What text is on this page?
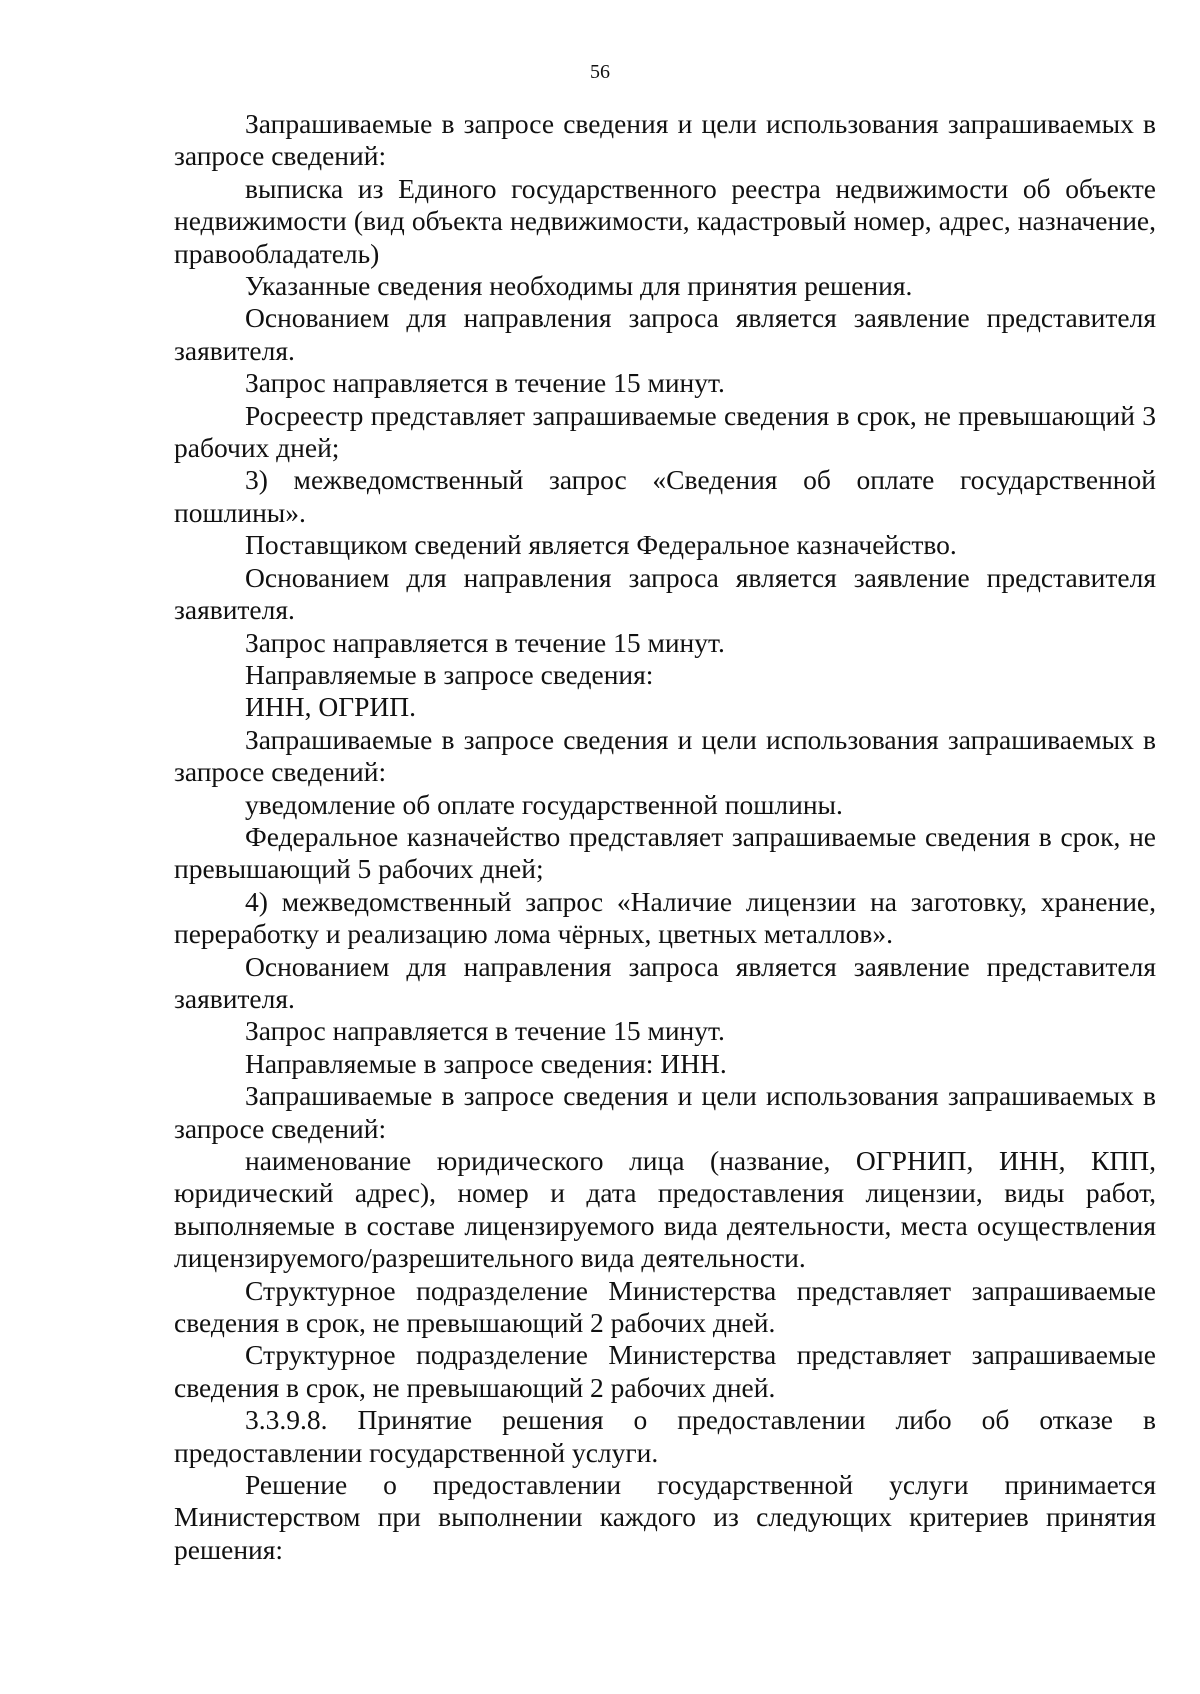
56

Запрашиваемые в запросе сведения и цели использования запрашиваемых в запросе сведений:

выписка из Единого государственного реестра недвижимости об объекте недвижимости (вид объекта недвижимости, кадастровый номер, адрес, назначение, правообладатель)

Указанные сведения необходимы для принятия решения.

Основанием для направления запроса является заявление представителя заявителя.

Запрос направляется в течение 15 минут.

Росреестр представляет запрашиваемые сведения в срок, не превышающий 3 рабочих дней;

3) межведомственный запрос «Сведения об оплате государственной пошлины».

Поставщиком сведений является Федеральное казначейство.

Основанием для направления запроса является заявление представителя заявителя.

Запрос направляется в течение 15 минут.

Направляемые в запросе сведения:

ИНН, ОГРИП.

Запрашиваемые в запросе сведения и цели использования запрашиваемых в запросе сведений:

уведомление об оплате государственной пошлины.

Федеральное казначейство представляет запрашиваемые сведения в срок, не превышающий 5 рабочих дней;

4) межведомственный запрос «Наличие лицензии на заготовку, хранение, переработку и реализацию лома чёрных, цветных металлов».

Основанием для направления запроса является заявление представителя заявителя.

Запрос направляется в течение 15 минут.

Направляемые в запросе сведения: ИНН.

Запрашиваемые в запросе сведения и цели использования запрашиваемых в запросе сведений:

наименование юридического лица (название, ОГРНИП, ИНН, КПП, юридический адрес), номер и дата предоставления лицензии, виды работ, выполняемые в составе лицензируемого вида деятельности, места осуществления лицензируемого/разрешительного вида деятельности.

Структурное подразделение Министерства представляет запрашиваемые сведения в срок, не превышающий 2 рабочих дней.

Структурное подразделение Министерства представляет запрашиваемые сведения в срок, не превышающий 2 рабочих дней.

3.3.9.8. Принятие решения о предоставлении либо об отказе в предоставлении государственной услуги.

Решение о предоставлении государственной услуги принимается Министерством при выполнении каждого из следующих критериев принятия решения:
